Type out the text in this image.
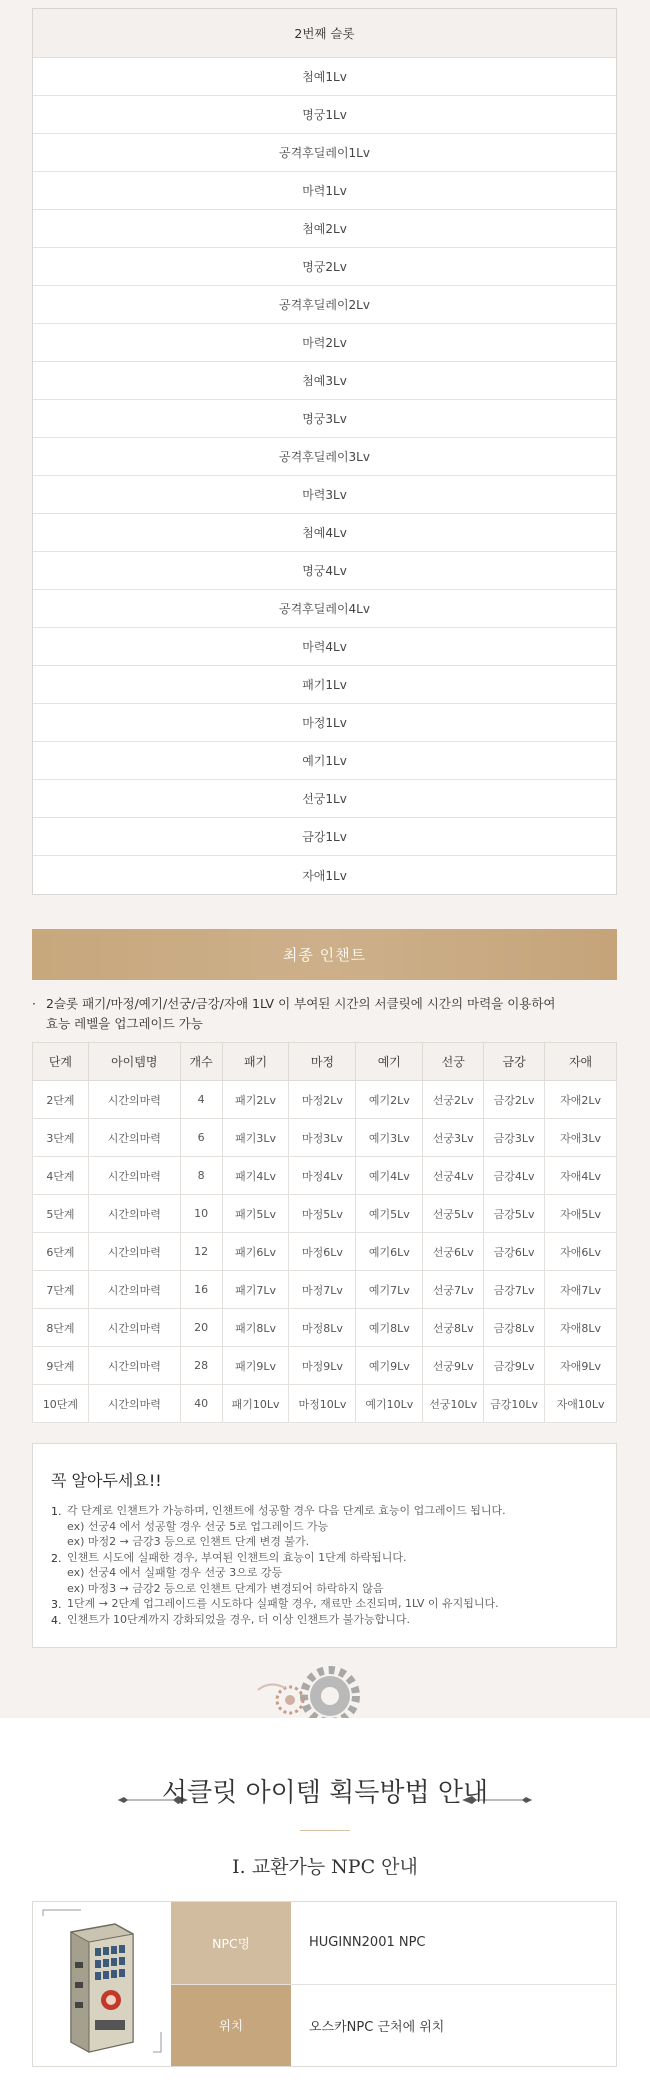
2번째 슬롯
첨예1Lv
명궁1Lv
공격후딜레이1Lv
마력1Lv
첨예2Lv
명궁2Lv
공격후딜레이2Lv
마력2Lv
첨예3Lv
명궁3Lv
공격후딜레이3Lv
마력3Lv
첨예4Lv
명궁4Lv
공격후딜레이4Lv
마력4Lv
패기1Lv
마정1Lv
예기1Lv
선궁1Lv
금강1Lv
자애1Lv
최종 인챈트
· 2슬롯 패기/마정/예기/선궁/금강/자애 1LV 이 부여된 시간의 서클릿에 시간의 마력을 이용하여
효능 레벨을 업그레이드 가능
단계	아이템명	개수	패기	마정	예기	선궁	금강	자애
2단계	시간의마력	4	패기2Lv	마정2Lv	예기2Lv	선궁2Lv	금강2Lv	자애2Lv
3단계	시간의마력	6	패기3Lv	마정3Lv	예기3Lv	선궁3Lv	금강3Lv	자애3Lv
4단계	시간의마력	8	패기4Lv	마정4Lv	예기4Lv	선궁4Lv	금강4Lv	자애4Lv
5단계	시간의마력	10	패기5Lv	마정5Lv	예기5Lv	선궁5Lv	금강5Lv	자애5Lv
6단계	시간의마력	12	패기6Lv	마정6Lv	예기6Lv	선궁6Lv	금강6Lv	자애6Lv
7단계	시간의마력	16	패기7Lv	마정7Lv	예기7Lv	선궁7Lv	금강7Lv	자애7Lv
8단계	시간의마력	20	패기8Lv	마정8Lv	예기8Lv	선궁8Lv	금강8Lv	자애8Lv
9단계	시간의마력	28	패기9Lv	마정9Lv	예기9Lv	선궁9Lv	금강9Lv	자애9Lv
10단계	시간의마력	40	패기10Lv	마정10Lv	예기10Lv	선궁10Lv	금강10Lv	자애10Lv
꼭 알아두세요!!
1. 각 단계로 인챈트가 가능하며, 인챈트에 성공할 경우 다음 단계로 효능이 업그레이드 됩니다.
ex) 선궁4 에서 성공할 경우 선궁 5로 업그레이드 가능
ex) 마정2 → 금강3 등으로 인챈트 단계 변경 불가.
2. 인챈트 시도에 실패한 경우, 부여된 인챈트의 효능이 1단계 하락됩니다.
ex) 선궁4 에서 실패할 경우 선궁 3으로 강등
ex) 마정3 → 금강2 등으로 인챈트 단계가 변경되어 하락하지 않음
3. 1단계 → 2단계 업그레이드를 시도하다 실패할 경우, 재료만 소진되며, 1LV 이 유지됩니다.
4. 인챈트가 10단계까지 강화되었을 경우, 더 이상 인챈트가 불가능합니다.
서클릿 아이템 획득방법 안내
I. 교환가능 NPC 안내
NPC명	HUGINN2001 NPC
위치	오스카NPC 근처에 위치
